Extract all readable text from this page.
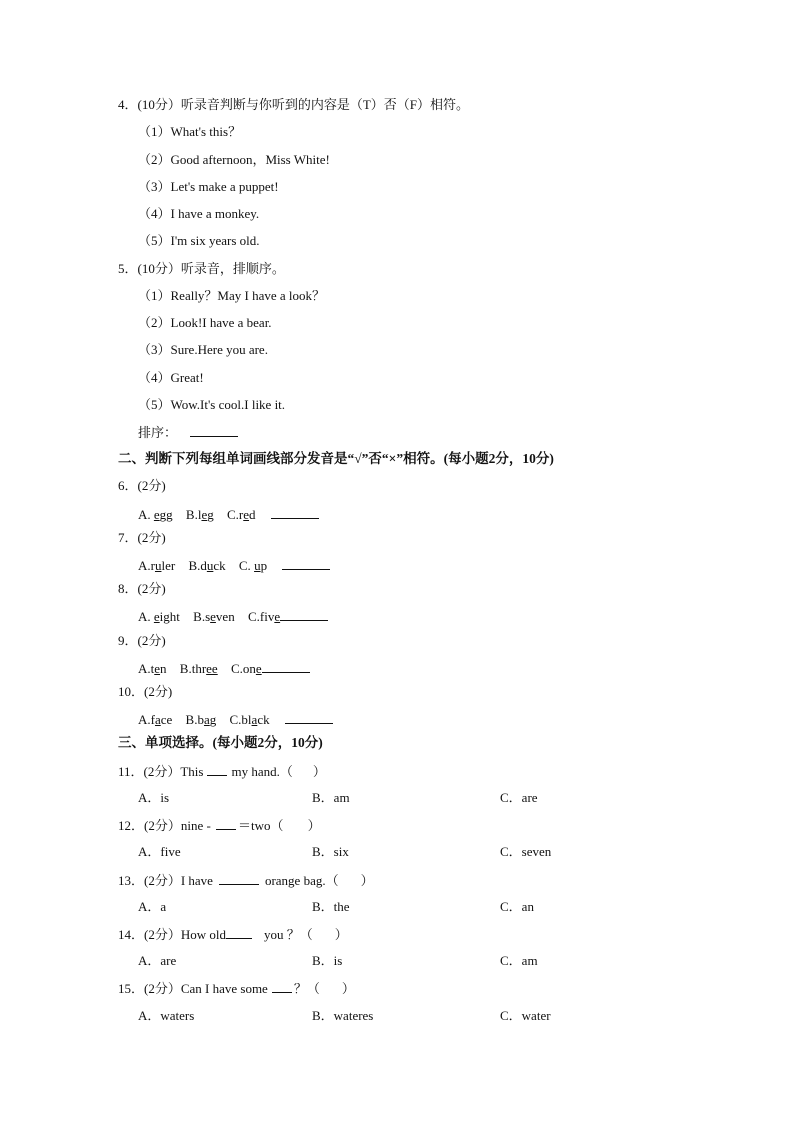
4．(10分）听录音判断与你听到的内容是（T）否（F）相符。
（1）What's this？
（2）Good afternoon，Miss White!
（3）Let's make a puppet!
（4）I have a monkey.
（5）I'm six years old.
5．(10分）听录音，排顺序。
（1）Really？May I have a look？
（2）Look!I have a bear.
（3）Sure.Here you are.
（4）Great!
（5）Wow.It's cool.I like it.
排序：
二、判断下列每组单词画线部分发音是“√”否“×”相符。(每小题2分，10分)
6．(2分)
A. egg B.leg C.red
7．(2分)
A.ruler B.duck C. up
8．(2分)
A. eight B.seven C.five
9．(2分)
A.ten B.three C.one
10．(2分)
A.face B.bag C.black
三、单项选择。(每小题2分，10分)
11．(2分）This my hand.（ ）
A．is	B．am	C．are
12．(2分）nine - ＝two（ ）
A．five	B．six	C．seven
13．(2分）I have	orange bag.（ ）
A．a	B．the	C．an
14．(2分）How old	you ？（ ）
A．are	B．is	C．am
15．(2分）Can I have some ？（ ）
A．waters	B．wateres	C．water
